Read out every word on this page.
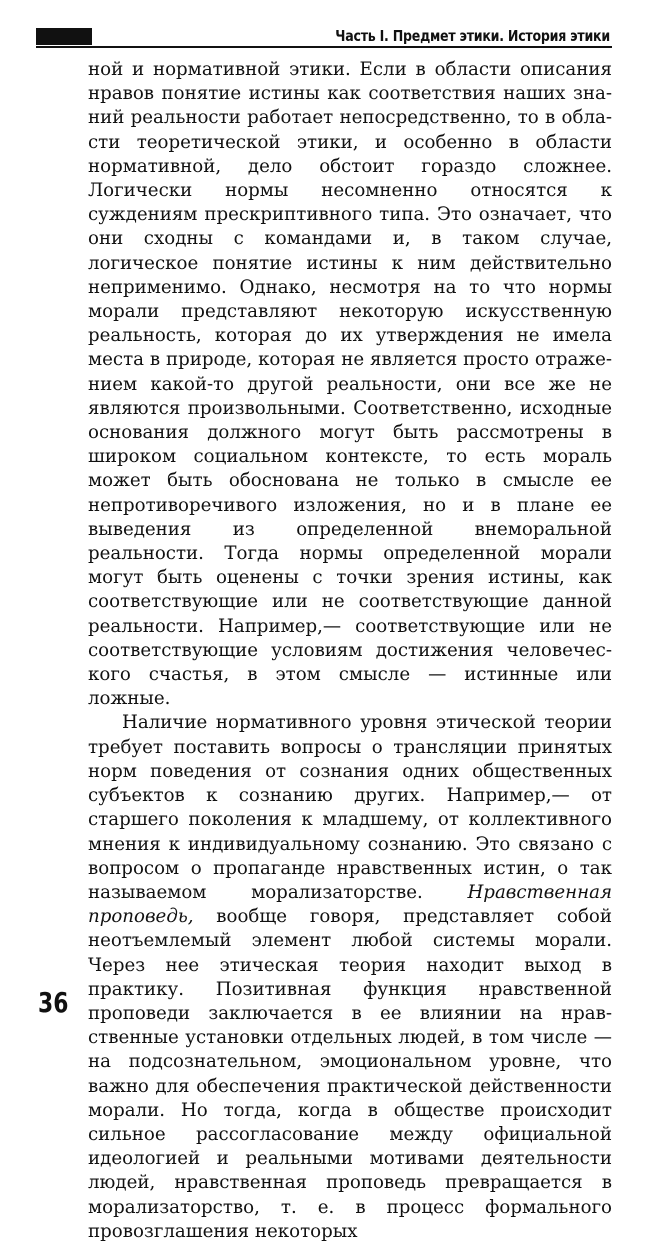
Часть I. Предмет этики. История этики

ной и нормативной этики. Если в области описания нравов понятие истины как соответствия наших знаний реальности работает непосредственно, то в области теоретической этики, и особенно в области нормативной, дело обстоит гораздо сложнее. Логически нормы несомненно относятся к суждениям прескриптивного типа. Это означает, что они сходны с командами и, в таком случае, логическое понятие истины к ним действительно неприменимо. Однако, несмотря на то что нормы морали представляют некоторую искусственную реальность, которая до их утверждения не имела места в природе, которая не является просто отражением какой-то другой реальности, они все же не являются произвольными. Соответственно, исходные основания должного могут быть рассмотрены в широком социальном контексте, то есть мораль может быть обоснована не только в смысле ее непротиворечивого изложения, но и в плане ее выведения из определенной внеморальной реальности. Тогда нормы определенной морали могут быть оценены с точки зрения истины, как соответствующие или не соответствующие данной реальности. Например,— соответствующие или не соответствующие условиям достижения человеческого счастья, в этом смысле — истинные или ложные.

Наличие нормативного уровня этической теории требует поставить вопросы о трансляции принятых норм поведения от сознания одних общественных субъектов к сознанию других. Например,— от старшего поколения к младшему, от коллективного мнения к индивидуальному сознанию. Это связано с вопросом о пропаганде нравственных истин, о так называемом морализаторстве. Нравственная проповедь, вообще говоря, представляет собой неотъемлемый элемент любой системы морали. Через нее этическая теория находит выход в практику. Позитивная функция нравственной проповеди заключается в ее влиянии на нравственные установки отдельных людей, в том числе — на подсознательном, эмоциональном уровне, что важно для обеспечения практической действенности морали. Но тогда, когда в обществе происходит сильное рассогласование между официальной идеологией и реальными мотивами деятельности людей, нравственная проповедь превращается в морализаторство, т. е. в процесс формального провозглашения некоторых

36
